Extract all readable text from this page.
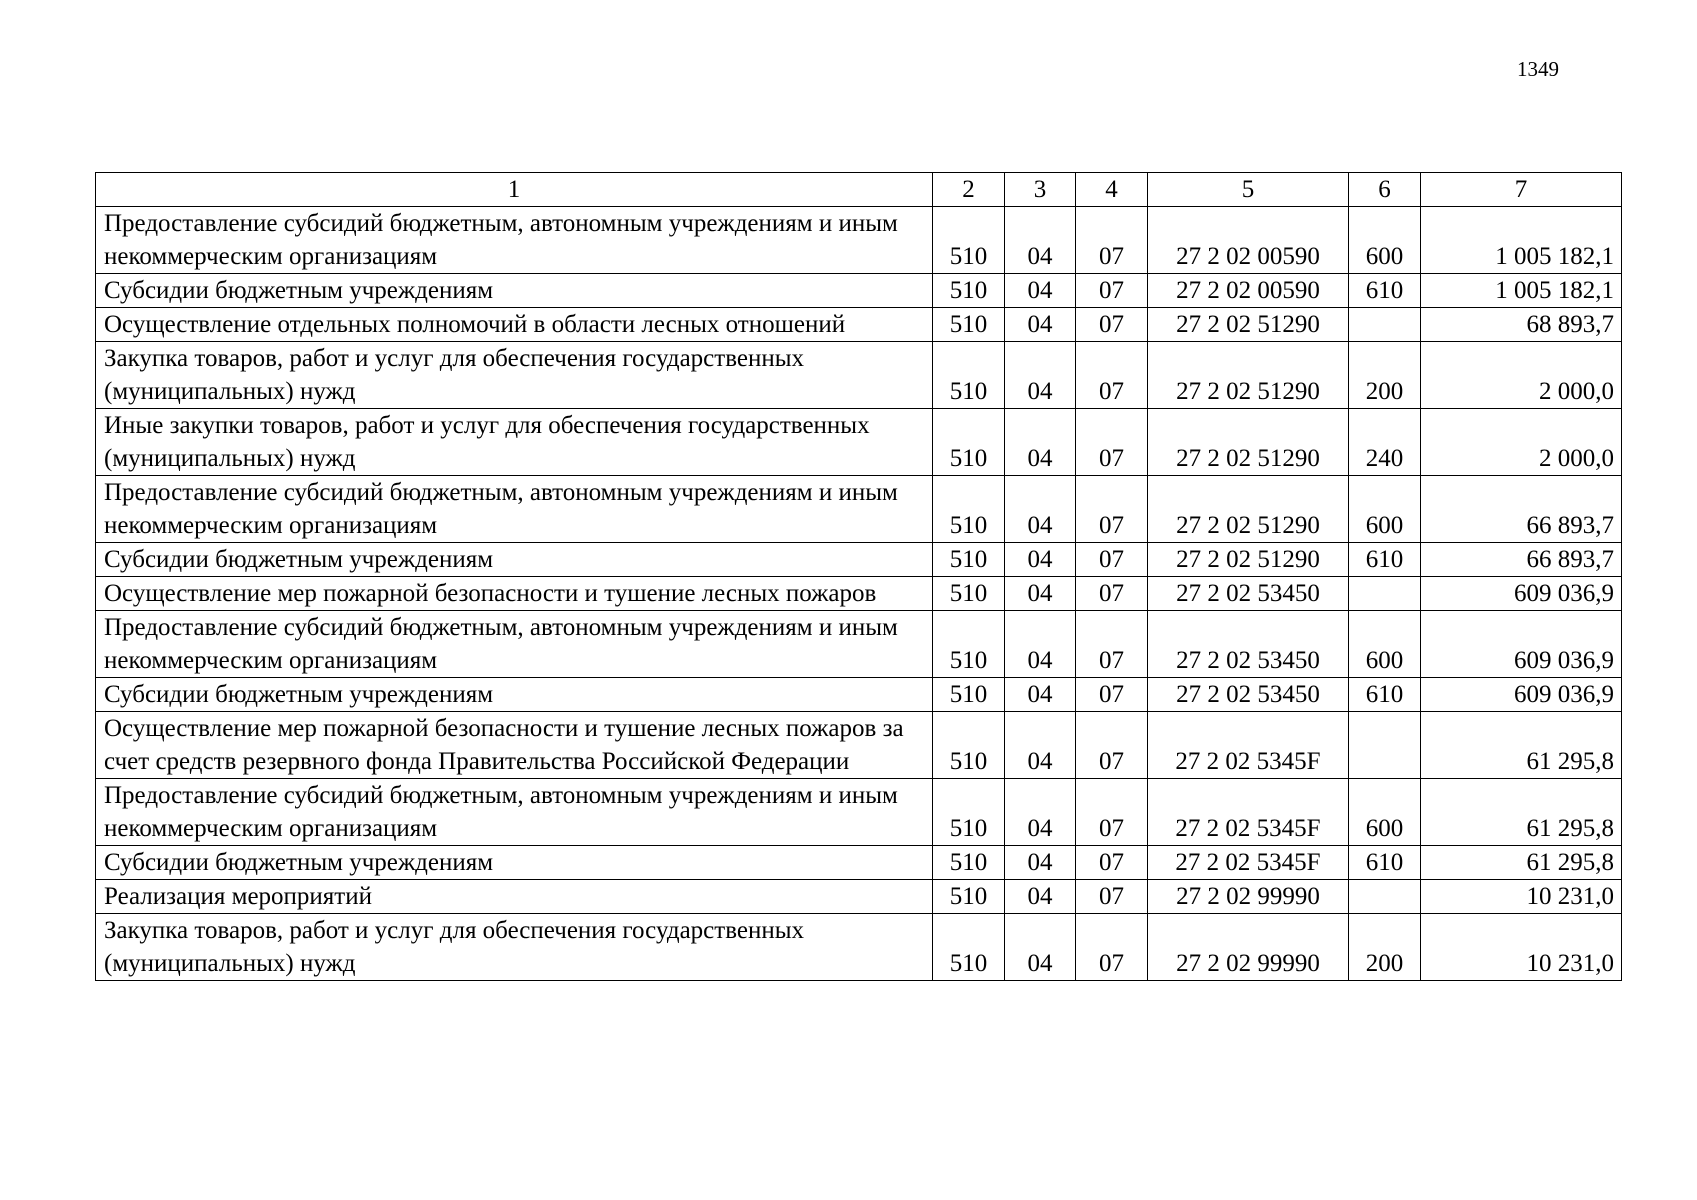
1349
1	2	3	4	5	6	7
Предоставление субсидий бюджетным, автономным учреждениям и иным некоммерческим организациям	510	04	07	27 2 02 00590	600	1 005 182,1
Субсидии бюджетным учреждениям	510	04	07	27 2 02 00590	610	1 005 182,1
Осуществление отдельных полномочий в области лесных отношений	510	04	07	27 2 02 51290		68 893,7
Закупка товаров, работ и услуг для обеспечения государственных (муниципальных) нужд	510	04	07	27 2 02 51290	200	2 000,0
Иные закупки товаров, работ и услуг для обеспечения государственных (муниципальных) нужд	510	04	07	27 2 02 51290	240	2 000,0
Предоставление субсидий бюджетным, автономным учреждениям и иным некоммерческим организациям	510	04	07	27 2 02 51290	600	66 893,7
Субсидии бюджетным учреждениям	510	04	07	27 2 02 51290	610	66 893,7
Осуществление мер пожарной безопасности и тушение лесных пожаров	510	04	07	27 2 02 53450		609 036,9
Предоставление субсидий бюджетным, автономным учреждениям и иным некоммерческим организациям	510	04	07	27 2 02 53450	600	609 036,9
Субсидии бюджетным учреждениям	510	04	07	27 2 02 53450	610	609 036,9
Осуществление мер пожарной безопасности и тушение лесных пожаров за счет средств резервного фонда Правительства Российской Федерации	510	04	07	27 2 02 5345F		61 295,8
Предоставление субсидий бюджетным, автономным учреждениям и иным некоммерческим организациям	510	04	07	27 2 02 5345F	600	61 295,8
Субсидии бюджетным учреждениям	510	04	07	27 2 02 5345F	610	61 295,8
Реализация мероприятий	510	04	07	27 2 02 99990		10 231,0
Закупка товаров, работ и услуг для обеспечения государственных (муниципальных) нужд	510	04	07	27 2 02 99990	200	10 231,0
